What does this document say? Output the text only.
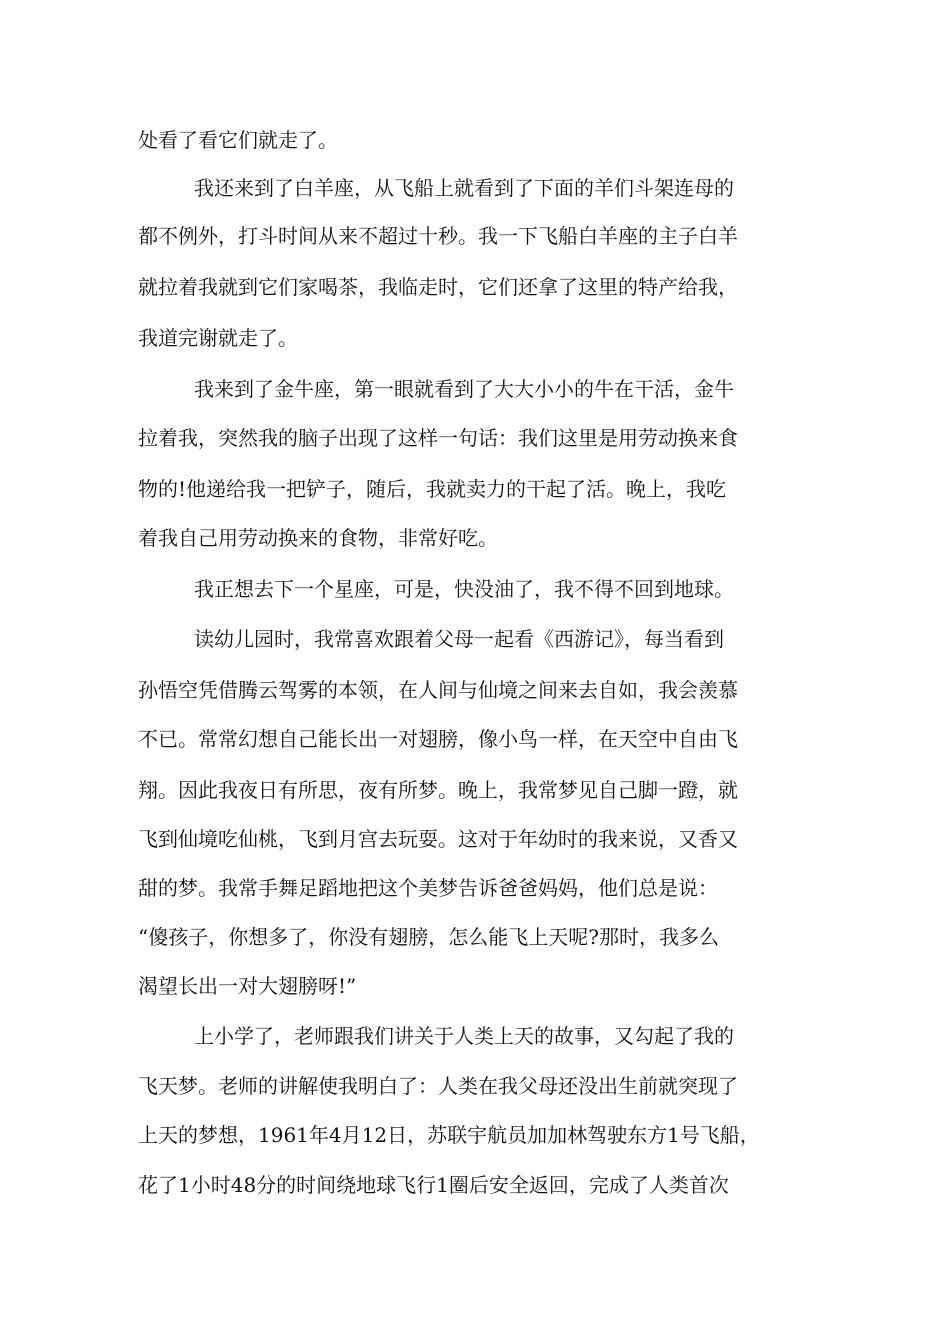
处看了看它们就走了。
我还来到了白羊座，从飞船上就看到了下面的羊们斗架连母的
都不例外，打斗时间从来不超过十秒。我一下飞船白羊座的主子白羊
就拉着我就到它们家喝茶，我临走时，它们还拿了这里的特产给我，
我道完谢就走了。
我来到了金牛座，第一眼就看到了大大小小的牛在干活，金牛
拉着我，突然我的脑子出现了这样一句话：我们这里是用劳动换来食
物的!他递给我一把铲子，随后，我就卖力的干起了活。晚上，我吃
着我自己用劳动换来的食物，非常好吃。
我正想去下一个星座，可是，快没油了，我不得不回到地球。
读幼儿园时，我常喜欢跟着父母一起看《西游记》，每当看到
孙悟空凭借腾云驾雾的本领，在人间与仙境之间来去自如，我会羡慕
不已。常常幻想自己能长出一对翅膀，像小鸟一样，在天空中自由飞
翔。因此我夜日有所思，夜有所梦。晚上，我常梦见自己脚一蹬，就
飞到仙境吃仙桃，飞到月宫去玩耍。这对于年幼时的我来说，又香又
甜的梦。我常手舞足蹈地把这个美梦告诉爸爸妈妈，他们总是说：
“傻孩子，你想多了，你没有翅膀，怎么能飞上天呢?那时，我多么
渴望长出一对大翅膀呀!”
上小学了，老师跟我们讲关于人类上天的故事，又勾起了我的
飞天梦。老师的讲解使我明白了：人类在我父母还没出生前就突现了
上天的梦想，1961年4月12日，苏联宇航员加加林驾驶东方1号飞船，
花了1小时48分的时间绕地球飞行1圈后安全返回，完成了人类首次
